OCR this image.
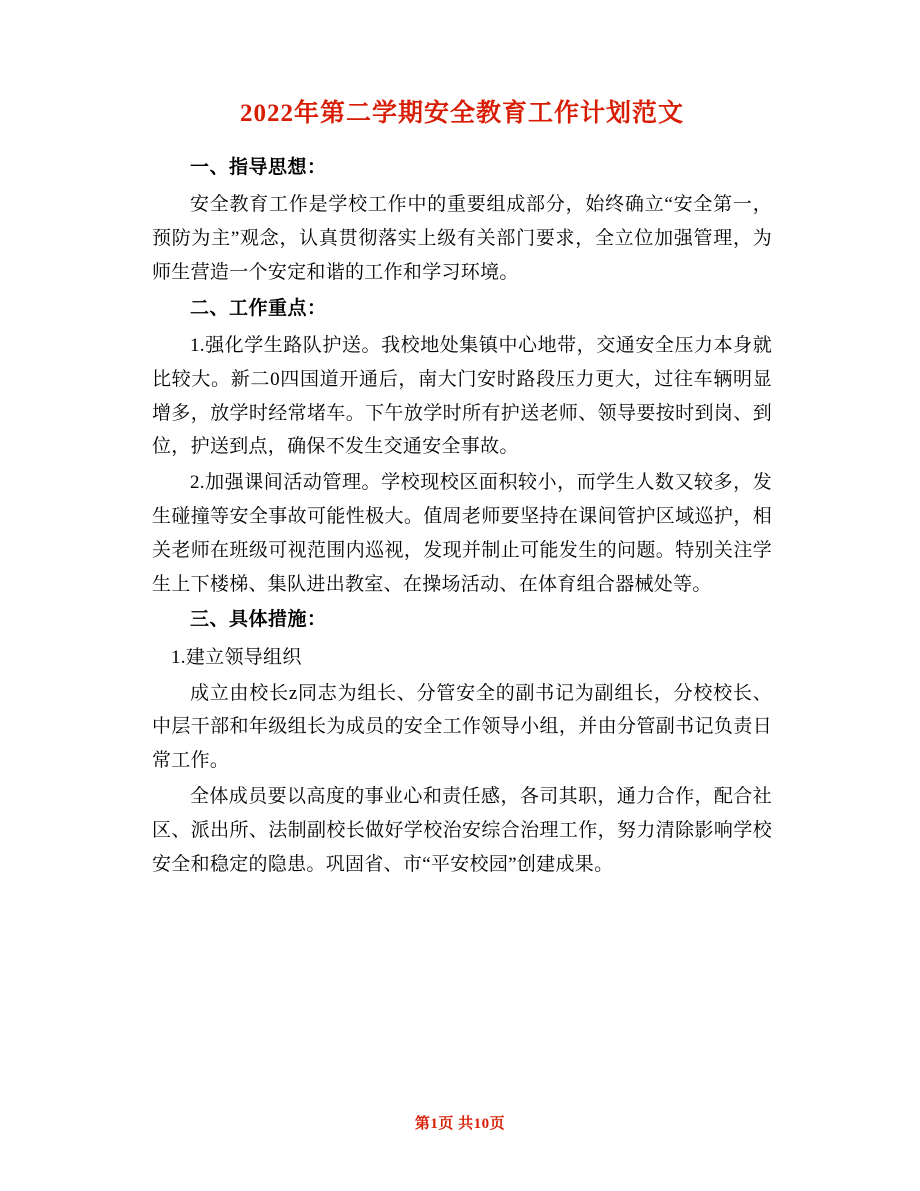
2022年第二学期安全教育工作计划范文
一、指导思想：
安全教育工作是学校工作中的重要组成部分，始终确立“安全第一，预防为主”观念，认真贯彻落实上级有关部门要求，全立位加强管理，为师生营造一个安定和谐的工作和学习环境。
二、工作重点：
1.强化学生路队护送。我校地处集镇中心地带，交通安全压力本身就比较大。新二0四国道开通后，南大门安时路段压力更大，过往车辆明显增多，放学时经常堵车。下午放学时所有护送老师、领导要按时到岗、到位，护送到点，确保不发生交通安全事故。
2.加强课间活动管理。学校现校区面积较小，而学生人数又较多，发生碰撞等安全事故可能性极大。值周老师要坚持在课间管护区域巡护，相关老师在班级可视范围内巡视，发现并制止可能发生的问题。特别关注学生上下楼梯、集队进出教室、在操场活动、在体育组合器械处等。
三、具体措施：
1.建立领导组织
成立由校长z同志为组长、分管安全的副书记为副组长，分校校长、中层干部和年级组长为成员的安全工作领导小组，并由分管副书记负责日常工作。
全体成员要以高度的事业心和责任感，各司其职，通力合作，配合社区、派出所、法制副校长做好学校治安综合治理工作，努力清除影响学校安全和稳定的隐患。巩固省、市“平安校园”创建成果。
第1页 共10页
